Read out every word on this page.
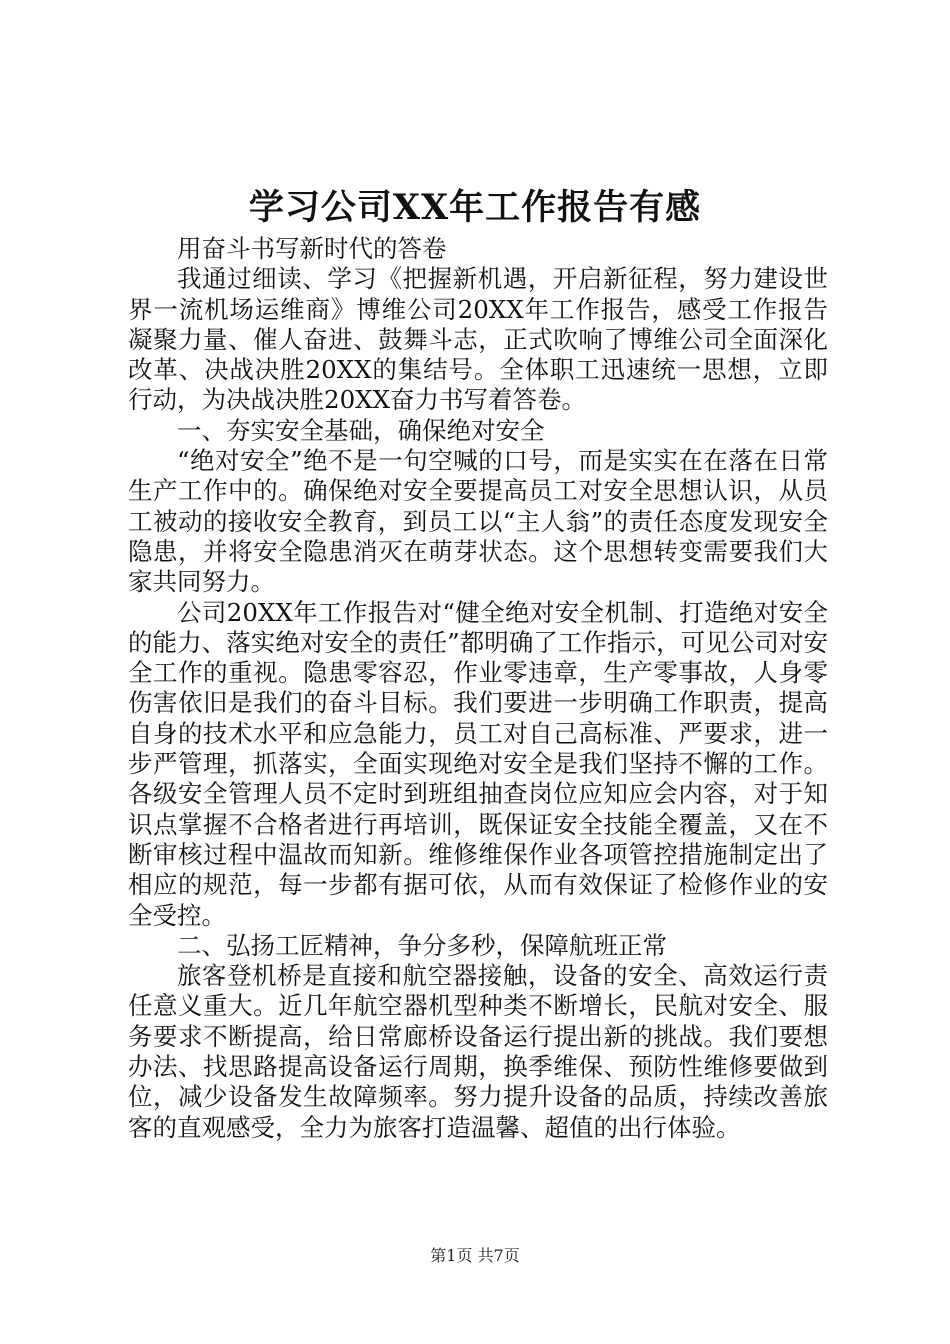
学习公司XX年工作报告有感

用奋斗书写新时代的答卷

我通过细读、学习《把握新机遇，开启新征程，努力建设世界一流机场运维商》博维公司20XX年工作报告，感受工作报告凝聚力量、催人奋进、鼓舞斗志，正式吹响了博维公司全面深化改革、决战决胜20XX的集结号。全体职工迅速统一思想，立即行动，为决战决胜20XX奋力书写着答卷。

一、夯实安全基础，确保绝对安全

“绝对安全”绝不是一句空喊的口号，而是实实在在落在日常生产工作中的。确保绝对安全要提高员工对安全思想认识，从员工被动的接收安全教育，到员工以“主人翁”的责任态度发现安全隐患，并将安全隐患消灭在萌芽状态。这个思想转变需要我们大家共同努力。

公司20XX年工作报告对“健全绝对安全机制、打造绝对安全的能力、落实绝对安全的责任”都明确了工作指示，可见公司对安全工作的重视。隐患零容忍，作业零违章，生产零事故，人身零伤害依旧是我们的奋斗目标。我们要进一步明确工作职责，提高自身的技术水平和应急能力，员工对自己高标准、严要求，进一步严管理，抓落实，全面实现绝对安全是我们坚持不懈的工作。各级安全管理人员不定时到班组抽查岗位应知应会内容，对于知识点掌握不合格者进行再培训，既保证安全技能全覆盖，又在不断审核过程中温故而知新。维修维保作业各项管控措施制定出了相应的规范，每一步都有据可依，从而有效保证了检修作业的安全受控。

二、弘扬工匠精神，争分多秒，保障航班正常

旅客登机桥是直接和航空器接触，设备的安全、高效运行责任意义重大。近几年航空器机型种类不断增长，民航对安全、服务要求不断提高，给日常廊桥设备运行提出新的挑战。我们要想办法、找思路提高设备运行周期，换季维保、预防性维修要做到位，减少设备发生故障频率。努力提升设备的品质，持续改善旅客的直观感受，全力为旅客打造温馨、超值的出行体验。

第1页 共7页
